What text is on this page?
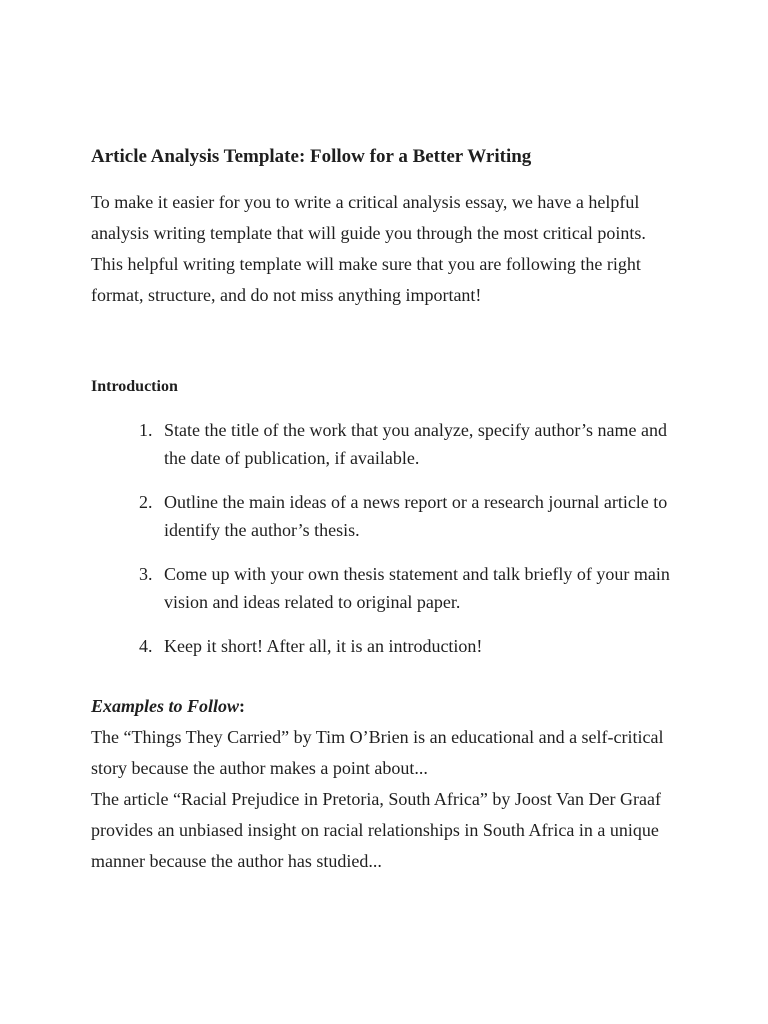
Article Analysis Template: Follow for a Better Writing

To make it easier for you to write a critical analysis essay, we have a helpful analysis writing template that will guide you through the most critical points. This helpful writing template will make sure that you are following the right format, structure, and do not miss anything important!

Introduction
1. State the title of the work that you analyze, specify author’s name and the date of publication, if available.
2. Outline the main ideas of a news report or a research journal article to identify the author’s thesis.
3. Come up with your own thesis statement and talk briefly of your main vision and ideas related to original paper.
4. Keep it short! After all, it is an introduction!
Examples to Follow:

The “Things They Carried” by Tim O’Brien is an educational and a self-critical story because the author makes a point about...

The article “Racial Prejudice in Pretoria, South Africa” by Joost Van Der Graaf provides an unbiased insight on racial relationships in South Africa in a unique manner because the author has studied...
